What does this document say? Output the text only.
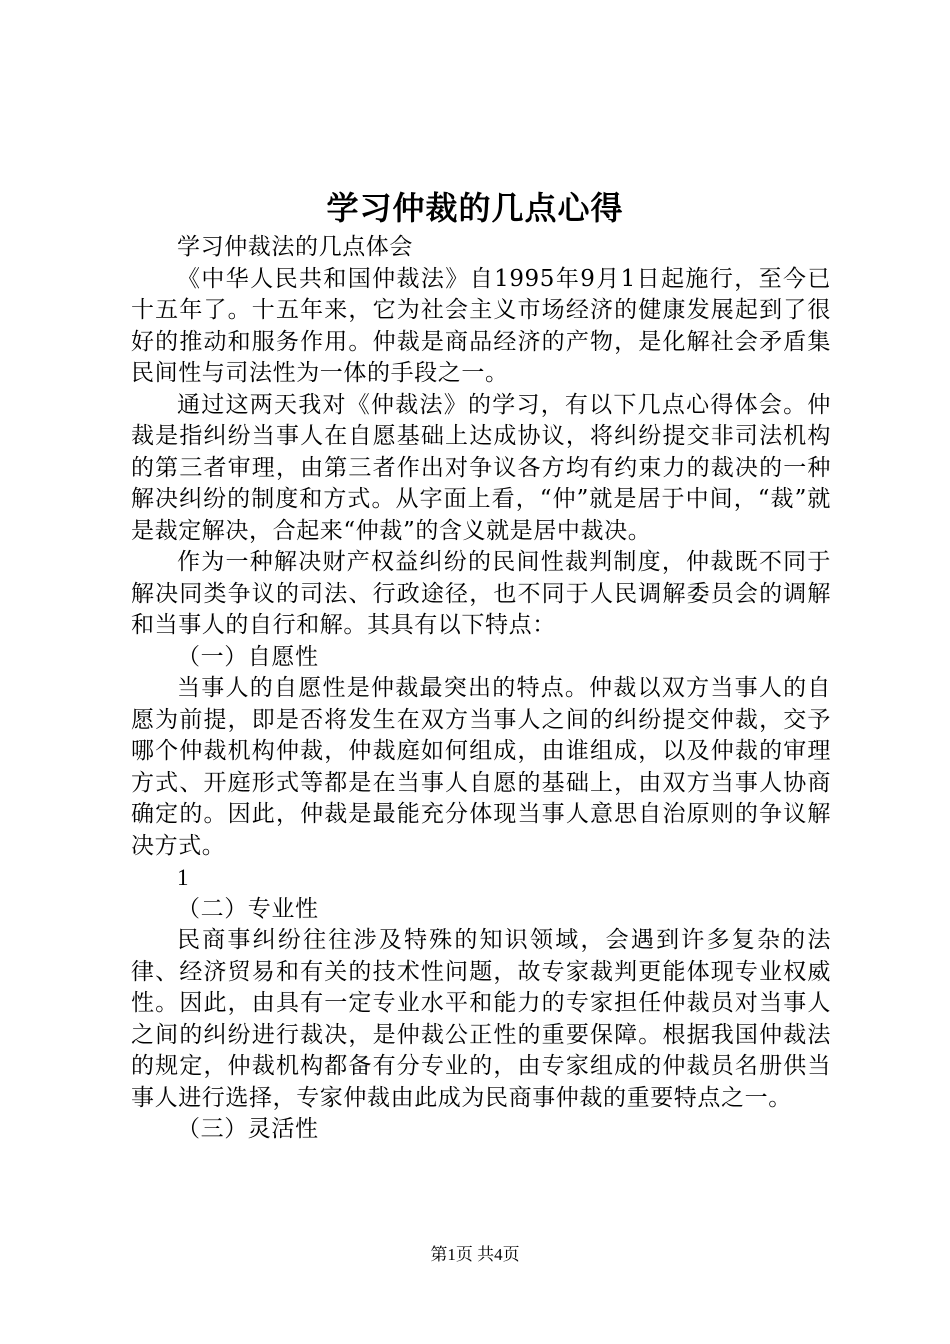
学习仲裁的几点心得

学习仲裁法的几点体会

《中华人民共和国仲裁法》自1995年9月1日起施行，至今已十五年了。十五年来，它为社会主义市场经济的健康发展起到了很好的推动和服务作用。仲裁是商品经济的产物，是化解社会矛盾集民间性与司法性为一体的手段之一。

通过这两天我对《仲裁法》的学习，有以下几点心得体会。仲裁是指纠纷当事人在自愿基础上达成协议，将纠纷提交非司法机构的第三者审理，由第三者作出对争议各方均有约束力的裁决的一种解决纠纷的制度和方式。从字面上看，“仲”就是居于中间，“裁”就是裁定解决，合起来“仲裁”的含义就是居中裁决。

作为一种解决财产权益纠纷的民间性裁判制度，仲裁既不同于解决同类争议的司法、行政途径，也不同于人民调解委员会的调解和当事人的自行和解。其具有以下特点：

（一）自愿性

当事人的自愿性是仲裁最突出的特点。仲裁以双方当事人的自愿为前提，即是否将发生在双方当事人之间的纠纷提交仲裁，交予哪个仲裁机构仲裁，仲裁庭如何组成，由谁组成，以及仲裁的审理方式、开庭形式等都是在当事人自愿的基础上，由双方当事人协商确定的。因此，仲裁是最能充分体现当事人意思自治原则的争议解决方式。

1

（二）专业性

民商事纠纷往往涉及特殊的知识领域，会遇到许多复杂的法律、经济贸易和有关的技术性问题，故专家裁判更能体现专业权威性。因此，由具有一定专业水平和能力的专家担任仲裁员对当事人之间的纠纷进行裁决，是仲裁公正性的重要保障。根据我国仲裁法的规定，仲裁机构都备有分专业的，由专家组成的仲裁员名册供当事人进行选择，专家仲裁由此成为民商事仲裁的重要特点之一。

（三）灵活性

第1页 共4页
